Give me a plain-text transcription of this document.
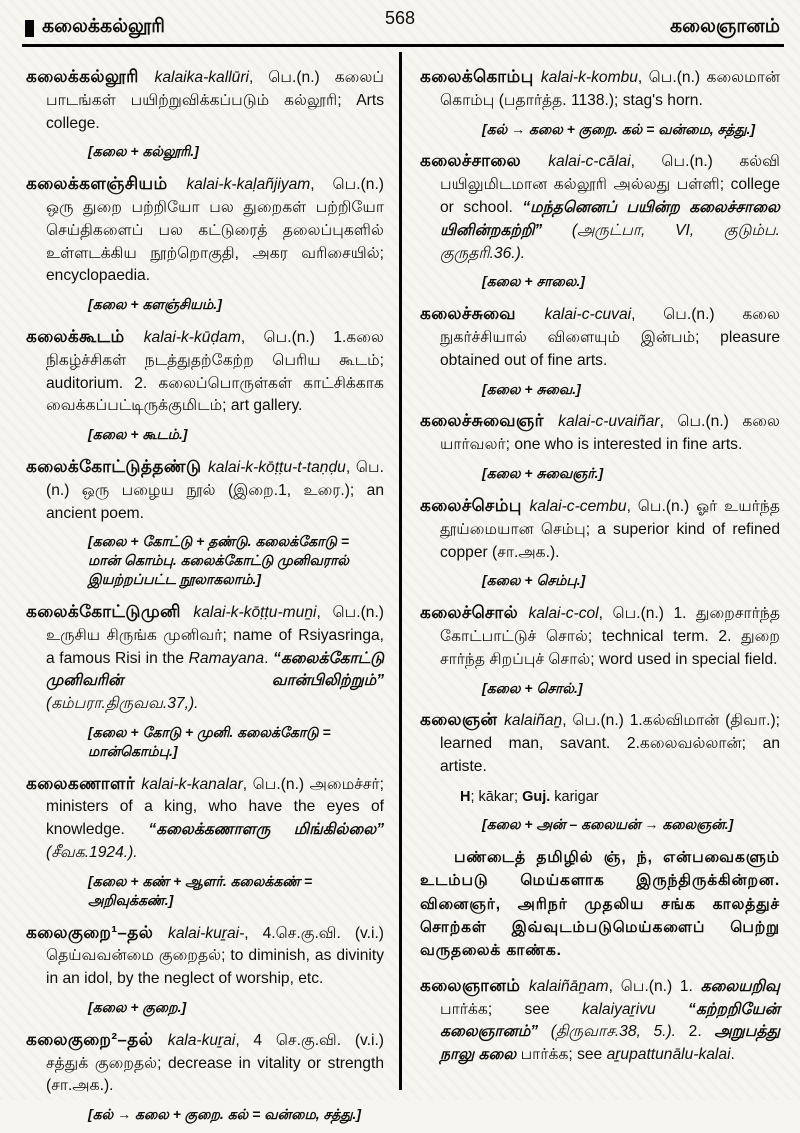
கலைக்கல்லூரி	568	கலைஞானம்

கலைக்கல்லூரி kalaika-kallūri, பெ.(n.) கலைப் பாடங்கள் பயிற்றுவிக்கப்படும் கல்லூரி; Arts college.

[கலை + கல்லூரி.]

கலைக்களஞ்சியம் kalai-k-kaḷañjiyam, பெ.(n.) ஒரு துறை பற்றியோ பல துறைகள் பற்றியோ செய்திகளைப் பல கட்டுரைத் தலைப்புகளில் உள்ளடக்கிய நூற்றொகுதி, அகர வரிசையில்; encyclopaedia.

[கலை + களஞ்சியம்.]

கலைக்கூடம் kalai-k-kūḍam, பெ.(n.) 1.கலை நிகழ்ச்சிகள் நடத்துதற்கேற்ற பெரிய கூடம்; auditorium. 2. கலைப்பொருள்கள் காட்சிக்காக வைக்கப்பட்டிருக்குமிடம்; art gallery.

[கலை + கூடம்.]

கலைக்கோட்டுத்தண்டு kalai-k-kōṭṭu-t-taṇḍu, பெ.(n.) ஒரு பழைய நூல் (இறை.1, உரை.); an ancient poem.

[கலை + கோட்டு + தண்டு. கலைக்கோடு = மான் கொம்பு. கலைக்கோட்டு முனிவரால் இயற்றப்பட்ட நூலாகலாம்.]

கலைக்கோட்டுமுனி kalai-k-kōṭṭu-muṉi, பெ.(n.) உருசிய சிருங்க முனிவர்; name of Rsiyasringa, a famous Risi in the Ramayana. “கலைக்கோட்டு முனிவரின் வான்பிலிற்றும்” (கம்பரா.திருவவ.37,).

[கலை + கோடு + முனி. கலைக்கோடு = மான்கொம்பு.]

கலைகணாளர் kalai-k-kanalar, பெ.(n.) அமைச்சர்; ministers of a king, who have the eyes of knowledge. “கலைக்கணாளரு மிங்கில்லை” (சீவக.1924.).

[கலை + கண் + ஆளர். கலைக்கண் = அறிவுக்கண்.]

கலைகுறை¹–தல் kalai-kuṟai-, 4.செ.கு.வி. (v.i.) தெய்வவன்மை குறைதல்; to diminish, as divinity in an idol, by the neglect of worship, etc.

[கலை + குறை.]

கலைகுறை²–தல் kala-kuṟai, 4 செ.கு.வி. (v.i.) சத்துக் குறைதல்; decrease in vitality or strength (சா.அக.).

[கல் → கலை + குறை. கல் = வன்மை, சத்து.]

கலைக்கொம்பு kalai-k-kombu, பெ.(n.) கலைமான் கொம்பு (பதார்த்த. 1138.); stag's horn.

[கல் → கலை + குறை. கல் = வன்மை, சத்து.]

கலைச்சாலை kalai-c-cālai, பெ.(n.) கல்வி பயிலுமிடமான கல்லூரி அல்லது பள்ளி; college or school. “மந்தனெனப் பயின்ற கலைச்சாலை யினின்றகற்றி” (அருட்பா, VI, குடும்ப. குருதரி.36.).

[கலை + சாலை.]

கலைச்சுவை kalai-c-cuvai, பெ.(n.) கலை நுகர்ச்சியால் விளையும் இன்பம்; pleasure obtained out of fine arts.

[கலை + சுவை.]

கலைச்சுவைஞர் kalai-c-uvaiñar, பெ.(n.) கலை யார்வலர்; one who is interested in fine arts.

[கலை + சுவைஞர்.]

கலைச்செம்பு kalai-c-cembu, பெ.(n.) ஓர் உயர்ந்த தூய்மையான செம்பு; a superior kind of refined copper (சா.அக.).

[கலை + செம்பு.]

கலைச்சொல் kalai-c-col, பெ.(n.) 1. துறைசார்ந்த கோட்பாட்டுச் சொல்; technical term. 2. துறை சார்ந்த சிறப்புச் சொல்; word used in special field.

[கலை + சொல்.]

கலைஞன் kalaiñaṉ, பெ.(n.) 1.கல்விமான் (திவா.); learned man, savant. 2.கலைவல்லான்; an artiste.

H; kākar; Guj. karigar

[கலை + அன் – கலையன் → கலைஞன்.]

பண்டைத் தமிழில் ஞ், ந், என்பவைகளும் உடம்படு மெய்களாக இருந்திருக்கின்றன. வினைஞர், அரிநர் முதலிய சங்க காலத்துச் சொற்கள் இவ்வுடம்படுமெய்களைப் பெற்று வருதலைக் காண்க.

கலைஞானம் kalaiñāṉam, பெ.(n.) 1. கலையறிவு பார்க்க; see kalaiyaṟivu “கற்றறியேன் கலைஞானம்” (திருவாச.38, 5.). 2. அறுபத்து நாலு கலை பார்க்க; see aṟupattunālu-kalai.
